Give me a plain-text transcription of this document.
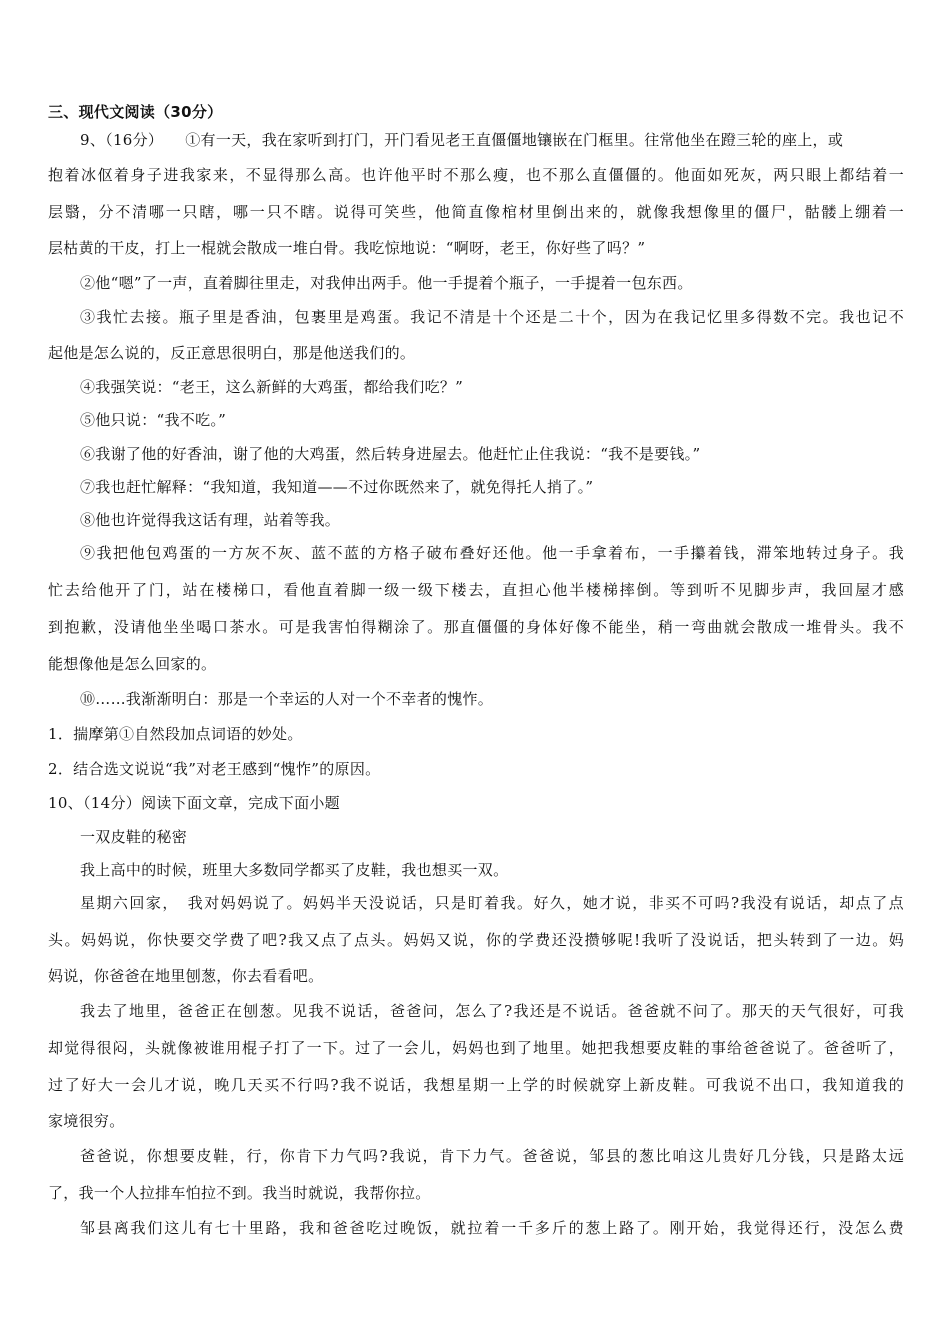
三、现代文阅读（30分）
9、（16分） ①有一天，我在家听到打门，开门看见老王直僵僵地镶嵌在门框里。往常他坐在蹬三轮的座上，或
抱着冰伛着身子进我家来，不显得那么高。也许他平时不那么瘦，也不那么直僵僵的。他面如死灰，两只眼上都结着一
层翳，分不清哪一只瞎，哪一只不瞎。说得可笑些，他简直像棺材里倒出来的，就像我想像里的僵尸，骷髅上绷着一
层枯黄的干皮，打上一棍就会散成一堆白骨。我吃惊地说：“啊呀，老王，你好些了吗？”
②他“嗯”了一声，直着脚往里走，对我伸出两手。他一手提着个瓶子，一手提着一包东西。
③我忙去接。瓶子里是香油，包裹里是鸡蛋。我记不清是十个还是二十个，因为在我记忆里多得数不完。我也记不
起他是怎么说的，反正意思很明白，那是他送我们的。
④我强笑说：“老王，这么新鲜的大鸡蛋，都给我们吃？”
⑤他只说：“我不吃。”
⑥我谢了他的好香油，谢了他的大鸡蛋，然后转身进屋去。他赶忙止住我说：“我不是要钱。”
⑦我也赶忙解释：“我知道，我知道——不过你既然来了，就免得托人捎了。”
⑧他也许觉得我这话有理，站着等我。
⑨我把他包鸡蛋的一方灰不灰、蓝不蓝的方格子破布叠好还他。他一手拿着布，一手攥着钱，滞笨地转过身子。我
忙去给他开了门，站在楼梯口，看他直着脚一级一级下楼去，直担心他半楼梯摔倒。等到听不见脚步声，我回屋才感
到抱歉，没请他坐坐喝口茶水。可是我害怕得糊涂了。那直僵僵的身体好像不能坐，稍一弯曲就会散成一堆骨头。我不
能想像他是怎么回家的。
⑩……我渐渐明白：那是一个幸运的人对一个不幸者的愧怍。
1．揣摩第①自然段加点词语的妙处。
2．结合选文说说“我”对老王感到“愧怍”的原因。
10、（14分）阅读下面文章，完成下面小题
一双皮鞋的秘密
我上高中的时候，班里大多数同学都买了皮鞋，我也想买一双。
星期六回家，　我对妈妈说了。妈妈半天没说话，只是盯着我。好久，她才说，非买不可吗?我没有说话，却点了点
头。妈妈说，你快要交学费了吧?我又点了点头。妈妈又说，你的学费还没攒够呢!我听了没说话，把头转到了一边。妈
妈说，你爸爸在地里刨葱，你去看看吧。
我去了地里，爸爸正在刨葱。见我不说话，爸爸问，怎么了?我还是不说话。爸爸就不问了。那天的天气很好，可我
却觉得很闷，头就像被谁用棍子打了一下。过了一会儿，妈妈也到了地里。她把我想要皮鞋的事给爸爸说了。爸爸听了，
过了好大一会儿才说，晚几天买不行吗?我不说话，我想星期一上学的时候就穿上新皮鞋。可我说不出口，我知道我的
家境很穷。
爸爸说，你想要皮鞋，行，你肯下力气吗?我说，肯下力气。爸爸说，邹县的葱比咱这儿贵好几分钱，只是路太远
了，我一个人拉排车怕拉不到。我当时就说，我帮你拉。
邹县离我们这儿有七十里路，我和爸爸吃过晚饭，就拉着一千多斤的葱上路了。刚开始，我觉得还行，没怎么费
